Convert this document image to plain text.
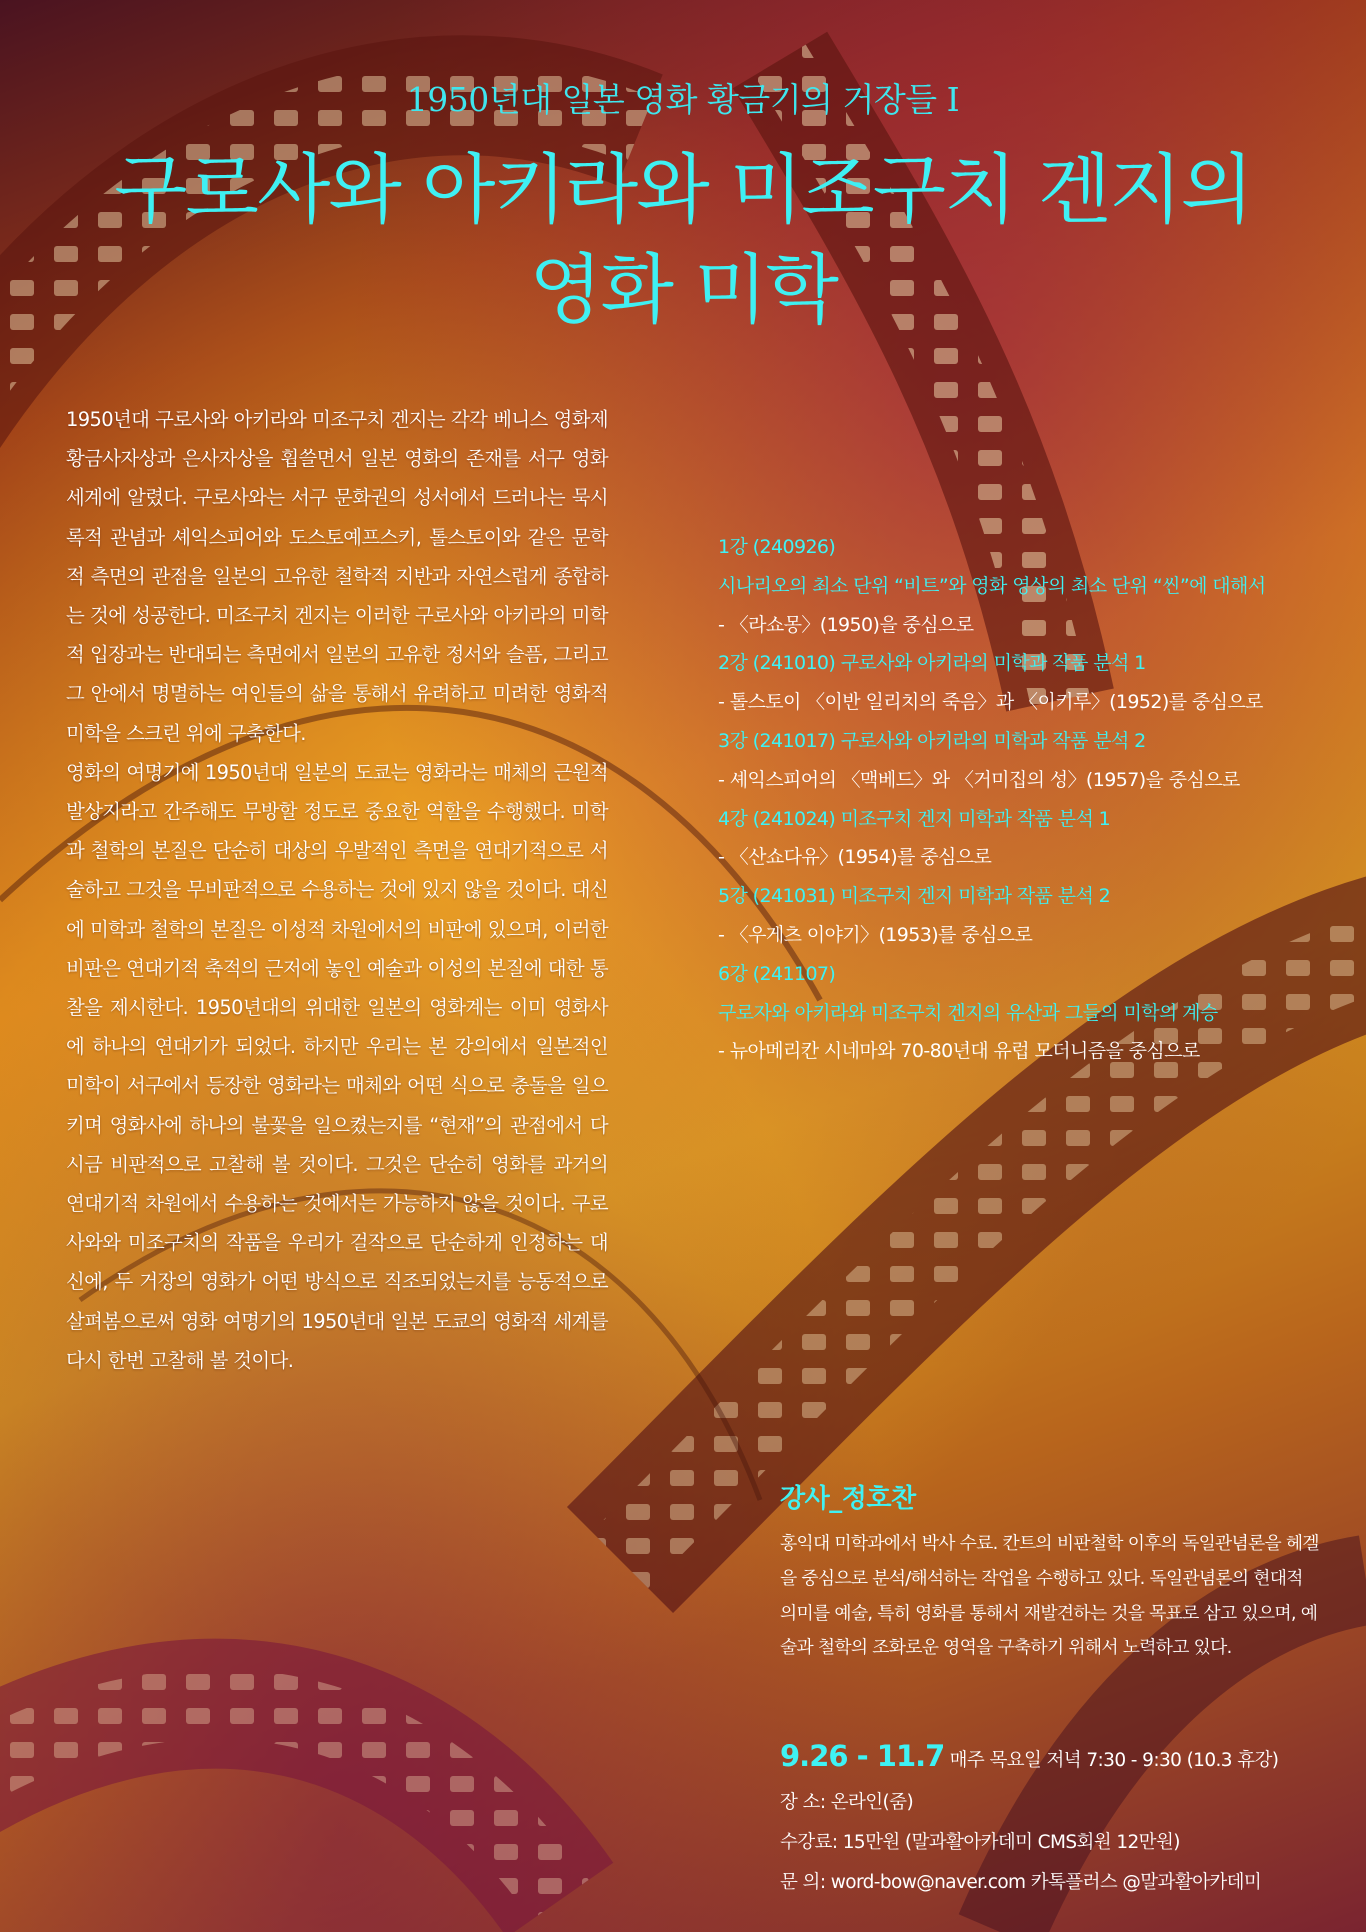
1950년대 일본 영화 황금기의 거장들 I
구로사와 아키라와 미조구치 겐지의
영화 미학

1950년대 구로사와 아키라와 미조구치 겐지는 각각 베니스 영화제 황금사자상과 은사자상을 휩쓸면서 일본 영화의 존재를 서구 영화 세계에 알렸다. 구로사와는 서구 문화권의 성서에서 드러나는 묵시록적 관념과 셰익스피어와 도스토예프스키, 톨스토이와 같은 문학적 측면의 관점을 일본의 고유한 철학적 지반과 자연스럽게 종합하는 것에 성공한다. 미조구치 겐지는 이러한 구로사와 아키라의 미학적 입장과는 반대되는 측면에서 일본의 고유한 정서와 슬픔, 그리고 그 안에서 명멸하는 여인들의 삶을 통해서 유려하고 미려한 영화적 미학을 스크린 위에 구축한다.

영화의 여명기에 1950년대 일본의 도쿄는 영화라는 매체의 근원적 발상지라고 간주해도 무방할 정도로 중요한 역할을 수행했다. 미학과 철학의 본질은 단순히 대상의 우발적인 측면을 연대기적으로 서술하고 그것을 무비판적으로 수용하는 것에 있지 않을 것이다. 대신에 미학과 철학의 본질은 이성적 차원에서의 비판에 있으며, 이러한 비판은 연대기적 축적의 근저에 놓인 예술과 이성의 본질에 대한 통찰을 제시한다. 1950년대의 위대한 일본의 영화계는 이미 영화사에 하나의 연대기가 되었다. 하지만 우리는 본 강의에서 일본적인 미학이 서구에서 등장한 영화라는 매체와 어떤 식으로 충돌을 일으키며 영화사에 하나의 불꽃을 일으켰는지를 “현재”의 관점에서 다시금 비판적으로 고찰해 볼 것이다. 그것은 단순히 영화를 과거의 연대기적 차원에서 수용하는 것에서는 가능하지 않을 것이다. 구로사와와 미조구치의 작품을 우리가 걸작으로 단순하게 인정하는 대신에, 두 거장의 영화가 어떤 방식으로 직조되었는지를 능동적으로 살펴봄으로써 영화 여명기의 1950년대 일본 도쿄의 영화적 세계를 다시 한번 고찰해 볼 것이다.

1강 (240926)
시나리오의 최소 단위 “비트”와 영화 영상의 최소 단위 “씬”에 대해서
- 〈라쇼몽〉(1950)을 중심으로
2강 (241010) 구로사와 아키라의 미학과 작품 분석 1
- 톨스토이 〈이반 일리치의 죽음〉과 〈이키루〉(1952)를 중심으로
3강 (241017) 구로사와 아키라의 미학과 작품 분석 2
- 셰익스피어의 〈맥베드〉와 〈거미집의 성〉(1957)을 중심으로
4강 (241024) 미조구치 겐지 미학과 작품 분석 1
- 〈산쇼다유〉(1954)를 중심으로
5강 (241031) 미조구치 겐지 미학과 작품 분석 2
- 〈우게츠 이야기〉(1953)를 중심으로
6강 (241107)
구로자와 아키라와 미조구치 겐지의 유산과 그들의 미학의 계승
- 뉴아메리칸 시네마와 70-80년대 유럽 모더니즘을 중심으로
강사_정호찬
홍익대 미학과에서 박사 수료. 칸트의 비판철학 이후의 독일관념론을 헤겔을 중심으로 분석/해석하는 작업을 수행하고 있다. 독일관념론의 현대적 의미를 예술, 특히 영화를 통해서 재발견하는 것을 목표로 삼고 있으며, 예술과 철학의 조화로운 영역을 구축하기 위해서 노력하고 있다.
9.26 - 11.7 매주 목요일 저녁 7:30 - 9:30 (10.3 휴강)
장 소: 온라인(줌)
수강료: 15만원 (말과활아카데미 CMS회원 12만원)
문 의: word-bow@naver.com 카톡플러스 @말과활아카데미
